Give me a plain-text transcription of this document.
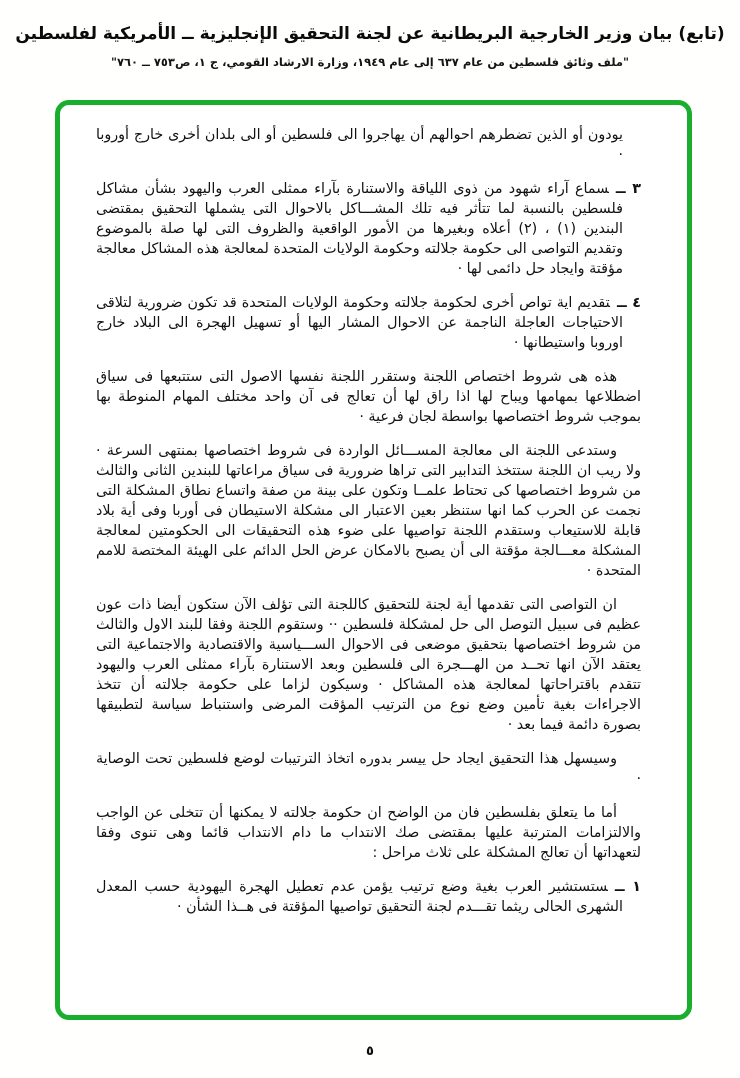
(تابع) بيان وزير الخارجية البريطانية عن لجنة التحقيق الإنجليزية ــ الأمريكية لفلسطين
"ملف وثائق فلسطين من عام ٦٣٧ إلى عام ١٩٤٩، وزارة الارشاد القومي، ج ١، ص٧٥٣ ــ ٧٦٠"

يودون أو الذين تضطرهم احوالهم أن يهاجروا الى فلسطين أو الى بلدان أخرى خارج أوروبا ·

٣ ــسماع آراء شهود من ذوى اللياقة والاستنارة بآراء ممثلى العرب واليهود بشأن مشاكل فلسطين بالنسبة لما تتأثر فيه تلك المشـــاكل بالاحوال التى يشملها التحقيق بمقتضى البندين (١) ، (٢) أعلاه وبغيرها من الأمور الواقعية والظروف التى لها صلة بالموضوع وتقديم التواصى الى حكومة جلالته وحكومة الولايات المتحدة لمعالجة هذه المشاكل معالجة مؤقتة وايجاد حل دائمى لها ·

٤ ــتقديم اية تواص أخرى لحكومة جلالته وحكومة الولايات المتحدة قد تكون ضرورية لتلاقى الاحتياجات العاجلة الناجمة عن الاحوال المشار اليها أو تسهيل الهجرة الى البلاد خارج اوروبا واستيطانها ·

هذه هى شروط اختصاص اللجنة وستقرر اللجنة نفسها الاصول التى ستتبعها فى سياق اضطلاعها بمهامها ويباح لها اذا راق لها أن تعالج فى آن واحد مختلف المهام المنوطة بها بموجب شروط اختصاصها بواسطة لجان فرعية ·

وستدعى اللجنة الى معالجة المســـائل الواردة فى شروط اختصاصها بمنتهى السرعة · ولا ريب ان اللجنة ستتخذ التدابير التى تراها ضرورية فى سياق مراعاتها للبندين الثانى والثالث من شروط اختصاصها كى تحتاط علمــا وتكون على بينة من صفة واتساع نطاق المشكلة التى نجمت عن الحرب كما انها ستنظر بعين الاعتبار الى مشكلة الاستيطان فى أوربا وفى أية بلاد قابلة للاستيعاب وستقدم اللجنة تواصيها على ضوء هذه التحقيقات الى الحكومتين لمعالجة المشكلة معـــالجة مؤقتة الى أن يصبح بالامكان عرض الحل الدائم على الهيئة المختصة للامم المتحدة ·

ان التواصى التى تقدمها أية لجنة للتحقيق كاللجنة التى تؤلف الآن ستكون أيضا ذات عون عظيم فى سبيل التوصل الى حل لمشكلة فلسطين ·· وستقوم اللجنة وفقا للبند الاول والثالث من شروط اختصاصها بتحقيق موضعى فى الاحوال الســـياسية والاقتصادية والاجتماعية التى يعتقد الآن انها تحــد من الهـــجرة الى فلسطين وبعد الاستنارة بآراء ممثلى العرب واليهود تتقدم باقتراحاتها لمعالجة هذه المشاكل · وسيكون لزاما على حكومة جلالته أن تتخذ الاجراءات بغية تأمين وضع نوع من الترتيب المؤقت المرضى واستنباط سياسة لتطبيقها بصورة دائمة فيما بعد ·

وسيسهل هذا التحقيق ايجاد حل ييسر بدوره اتخاذ الترتيبات لوضع فلسطين تحت الوصاية ·

أما ما يتعلق بفلسطين فان من الواضح ان حكومة جلالته لا يمكنها أن تتخلى عن الواجب والالتزامات المترتبة عليها بمقتضى صك الانتداب ما دام الانتداب قائما وهى تنوى وفقا لتعهداتها أن تعالج المشكلة على ثلاث مراحل :

١ ــستستشير العرب بغية وضع ترتيب يؤمن عدم تعطيل الهجرة اليهودية حسب المعدل الشهرى الحالى ريثما تقـــدم لجنة التحقيق تواصيها المؤقتة فى هــذا الشأن ·

٥
